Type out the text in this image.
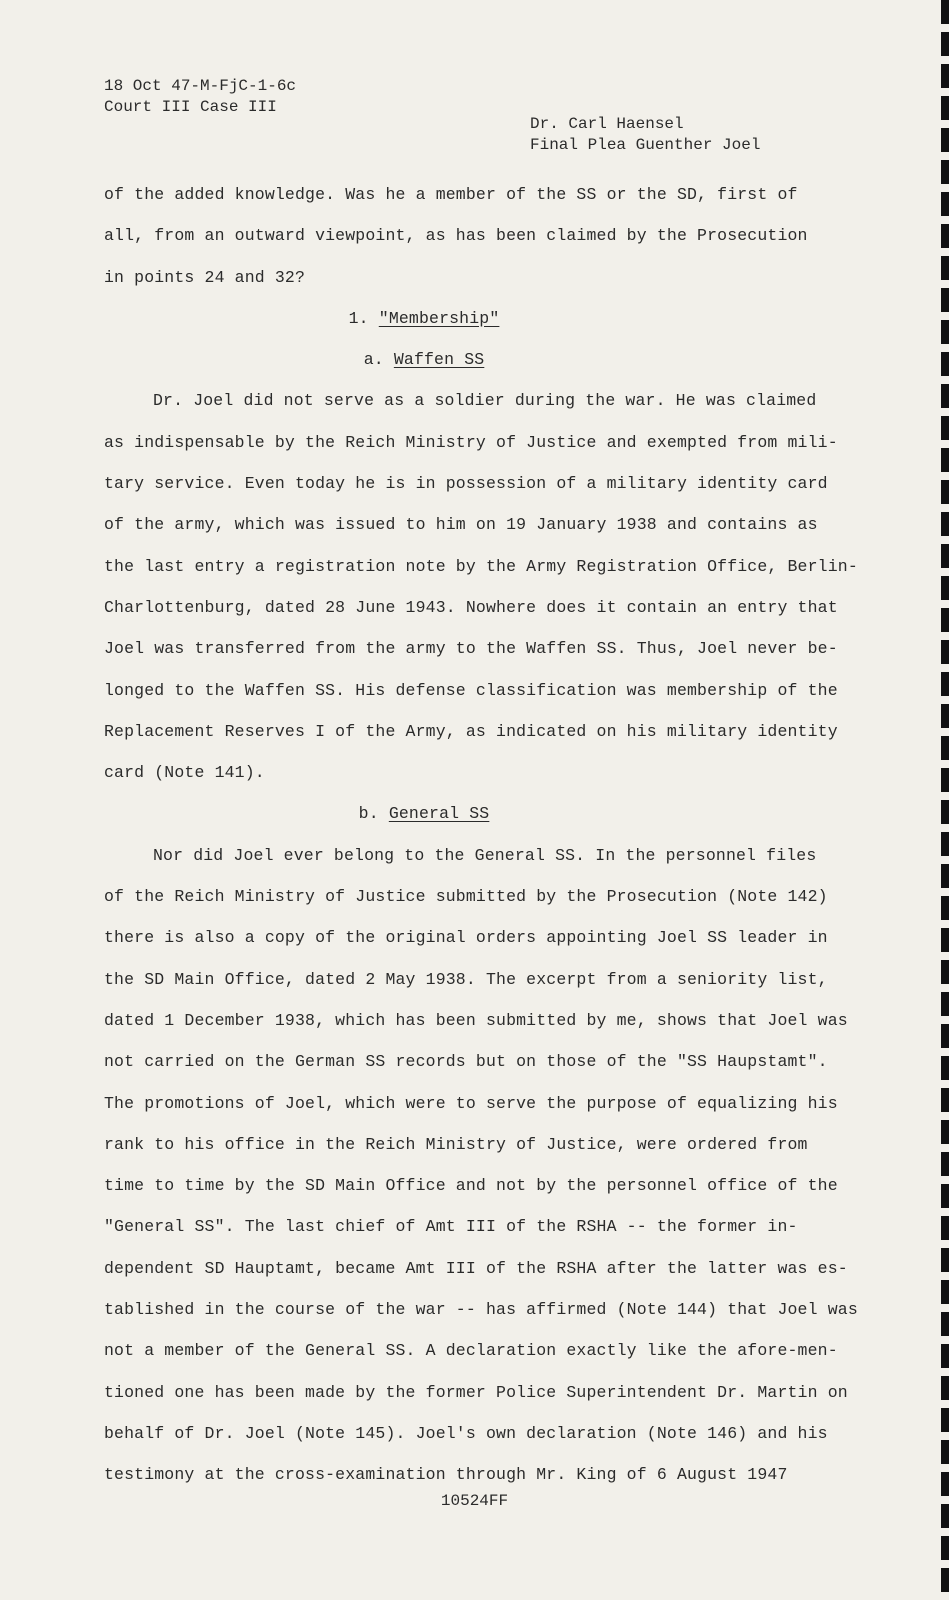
18 Oct 47-M-FjC-1-6c
Court III Case III
Dr. Carl Haensel
Final Plea Guenther Joel
of the added knowledge. Was he a member of the SS or the SD, first of
all, from an outward viewpoint, as has been claimed by the Prosecution
in points 24 and 32?
1. "Membership"
a. Waffen SS
Dr. Joel did not serve as a soldier during the war. He was claimed
as indispensable by the Reich Ministry of Justice and exempted from mili-
tary service. Even today he is in possession of a military identity card
of the army, which was issued to him on 19 January 1938 and contains as
the last entry a registration note by the Army Registration Office, Berlin-
Charlottenburg, dated 28 June 1943. Nowhere does it contain an entry that
Joel was transferred from the army to the Waffen SS. Thus, Joel never be-
longed to the Waffen SS. His defense classification was membership of the
Replacement Reserves I of the Army, as indicated on his military identity
card (Note 141).
b. General SS
Nor did Joel ever belong to the General SS. In the personnel files
of the Reich Ministry of Justice submitted by the Prosecution (Note 142)
there is also a copy of the original orders appointing Joel SS leader in
the SD Main Office, dated 2 May 1938. The excerpt from a seniority list,
dated 1 December 1938, which has been submitted by me, shows that Joel was
not carried on the German SS records but on those of the "SS Haupstamt".
The promotions of Joel, which were to serve the purpose of equalizing his
rank to his office in the Reich Ministry of Justice, were ordered from
time to time by the SD Main Office and not by the personnel office of the
"General SS". The last chief of Amt III of the RSHA -- the former in-
dependent SD Hauptamt, became Amt III of the RSHA after the latter was es-
tablished in the course of the war -- has affirmed (Note 144) that Joel was
not a member of the General SS. A declaration exactly like the afore-men-
tioned one has been made by the former Police Superintendent Dr. Martin on
behalf of Dr. Joel (Note 145). Joel's own declaration (Note 146) and his
testimony at the cross-examination through Mr. King of 6 August 1947
10524FF
